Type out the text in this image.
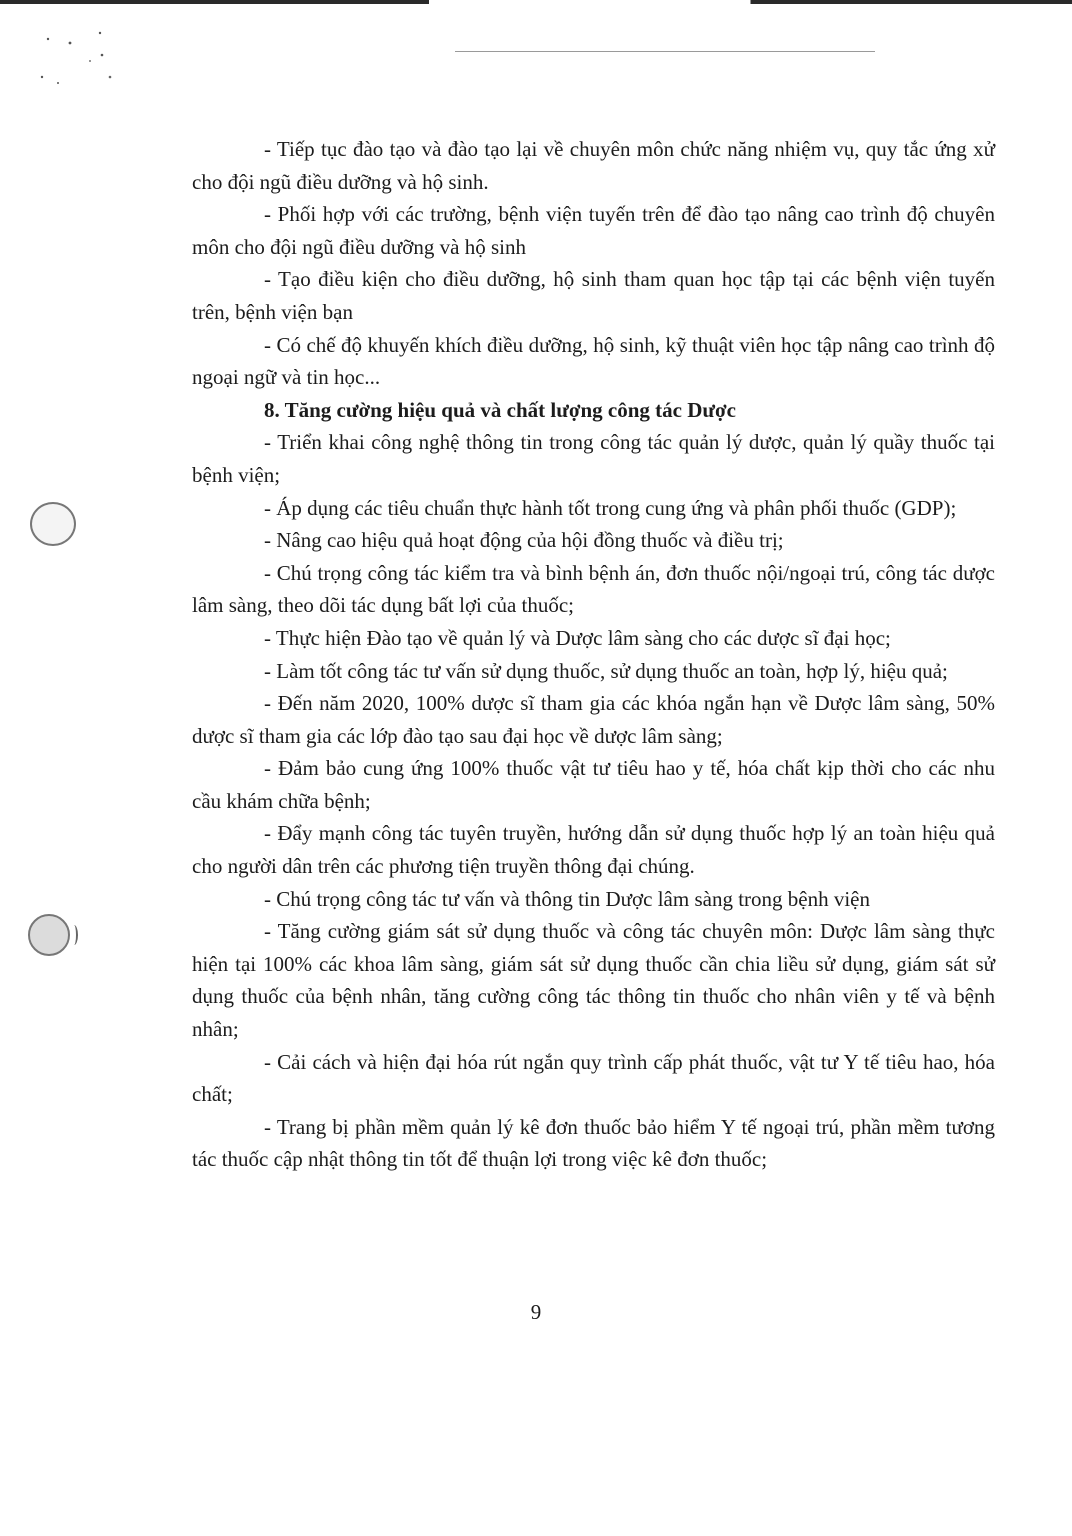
- Tiếp tục đào tạo và đào tạo lại về chuyên môn chức năng nhiệm vụ, quy tắc ứng xử cho đội ngũ điều dưỡng và hộ sinh.

- Phối hợp với các trường, bệnh viện tuyến trên để đào tạo nâng cao trình độ chuyên môn cho đội ngũ điều dưỡng và hộ sinh

- Tạo điều kiện cho điều dưỡng, hộ sinh tham quan học tập tại các bệnh viện tuyến trên, bệnh viện bạn

- Có chế độ khuyến khích điều dưỡng, hộ sinh, kỹ thuật viên học tập nâng cao trình độ ngoại ngữ và tin học...

8. Tăng cường hiệu quả và chất lượng công tác Dược

- Triển khai công nghệ thông tin trong công tác quản lý dược, quản lý quầy thuốc tại bệnh viện;

- Áp dụng các tiêu chuẩn thực hành tốt trong cung ứng và phân phối thuốc (GDP);

- Nâng cao hiệu quả hoạt động của hội đồng thuốc và điều trị;

- Chú trọng công tác kiểm tra và bình bệnh án, đơn thuốc nội/ngoại trú, công tác dược lâm sàng, theo dõi tác dụng bất lợi của thuốc;

- Thực hiện Đào tạo về quản lý và Dược lâm sàng cho các dược sĩ đại học;

- Làm tốt công tác tư vấn sử dụng thuốc, sử dụng thuốc an toàn, hợp lý, hiệu quả;

- Đến năm 2020, 100% dược sĩ tham gia các khóa ngắn hạn về Dược lâm sàng, 50% dược sĩ tham gia các lớp đào tạo sau đại học về dược lâm sàng;

- Đảm bảo cung ứng 100% thuốc vật tư tiêu hao y tế, hóa chất kịp thời cho các nhu cầu khám chữa bệnh;

- Đẩy mạnh công tác tuyên truyền, hướng dẫn sử dụng thuốc hợp lý an toàn hiệu quả cho người dân trên các phương tiện truyền thông đại chúng.

- Chú trọng công tác tư vấn và thông tin Dược lâm sàng trong bệnh viện

- Tăng cường giám sát sử dụng thuốc và công tác chuyên môn: Dược lâm sàng thực hiện tại 100% các khoa lâm sàng, giám sát sử dụng thuốc cần chia liều sử dụng, giám sát sử dụng thuốc của bệnh nhân, tăng cường công tác thông tin thuốc cho nhân viên y tế và bệnh nhân;

- Cải cách và hiện đại hóa rút ngắn quy trình cấp phát thuốc, vật tư Y tế tiêu hao, hóa chất;

- Trang bị phần mềm quản lý kê đơn thuốc bảo hiểm Y tế ngoại trú, phần mềm tương tác thuốc cập nhật thông tin tốt để thuận lợi trong việc kê đơn thuốc;

9
